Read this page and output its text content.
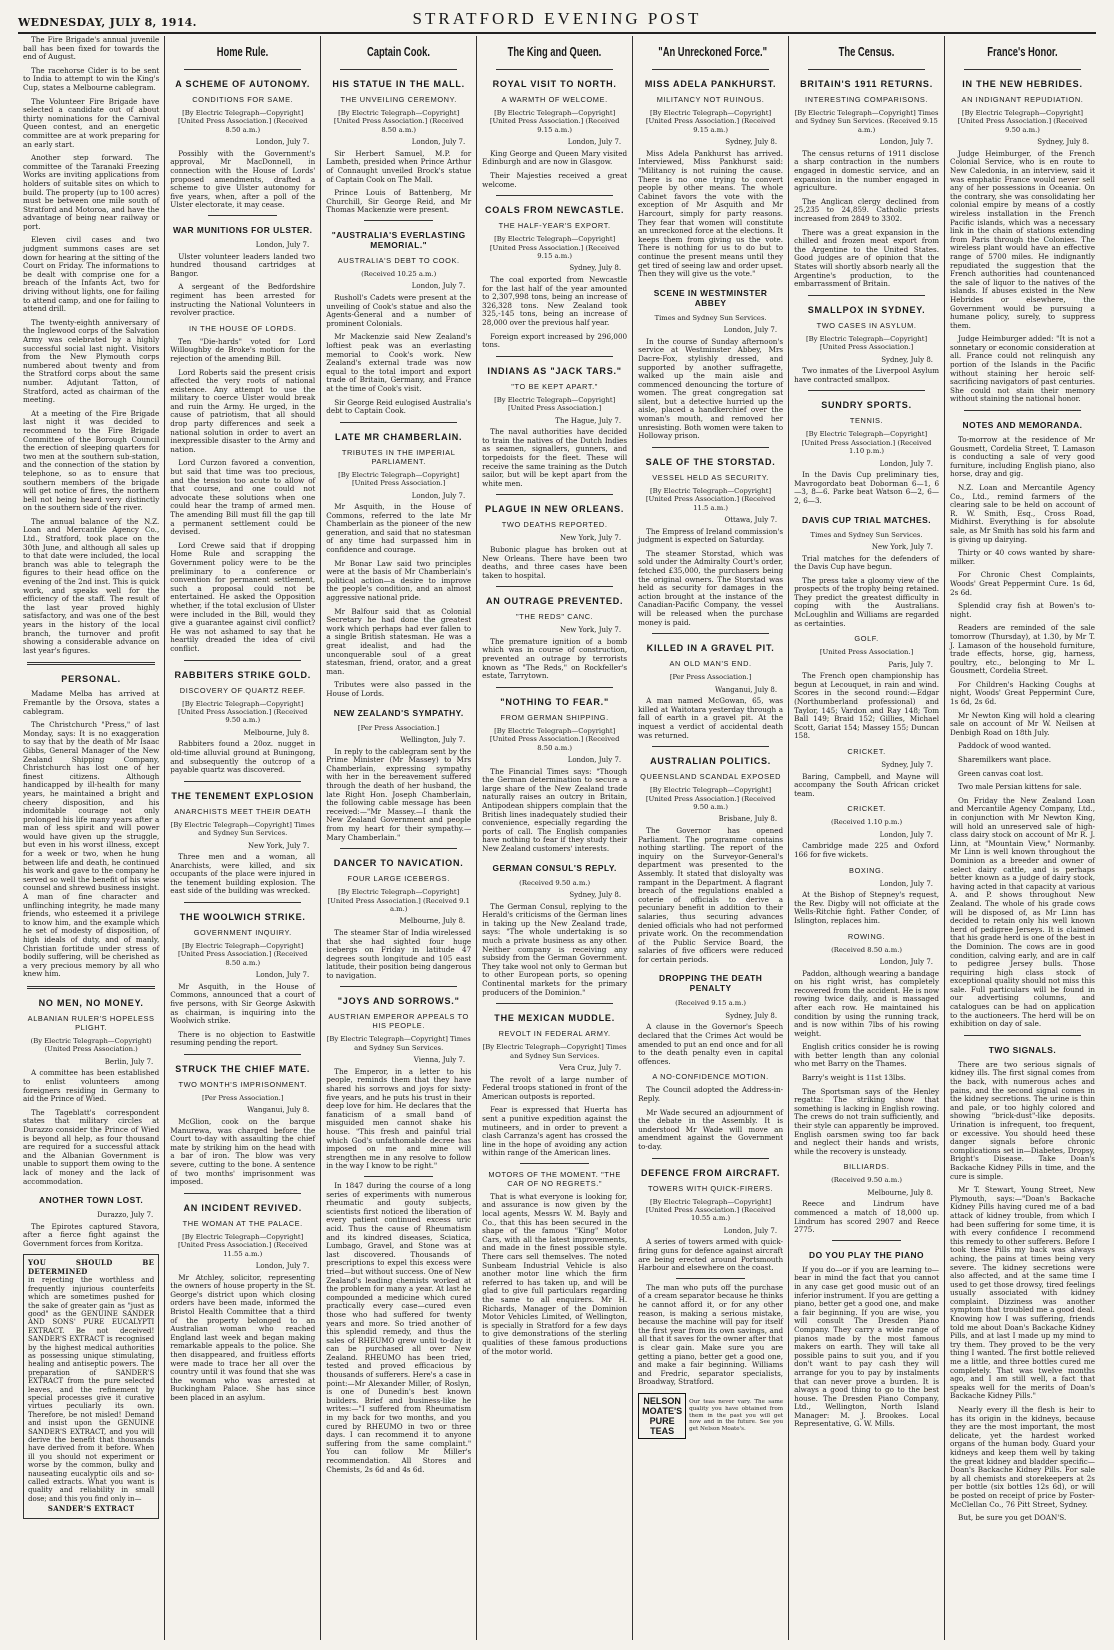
WEDNESDAY, JULY 8, 1914.	STRATFORD EVENING POST

The Fire Brigade's annual juvenile ball has been fixed for towards the end of August.

The racehorse Cider is to be sent to India to attempt to win the King's Cup, states a Melbourne cablegram.

The Volunteer Fire Brigade have selected a candidate out of about thirty nominations for the Carnival Queen contest, and an energetic committee are at work preparing for an early start.

Another step forward. The committee of the Taranaki Freezing Works are inviting applications from holders of suitable sites on which to build. The property (up to 100 acres) must be between one mile south of Stratford and Motoroa, and have the advantage of being near railway or port.

Eleven civil cases and two judgment summons cases are set down for hearing at the sitting of the Court on Friday. The informations to be dealt with comprise one for a breach of the Infants Act, two for driving without lights, one for failing to attend camp, and one for failing to attend drill.

The twenty-eighth anniversary of the Inglewood corps of the Salvation Army was celebrated by a highly successful social last night. Visitors from the New Plymouth corps numbered about twenty and from the Stratford corps about the same number. Adjutant Tatton, of Stratford, acted as chairman of the meeting.

At a meeting of the Fire Brigade last night it was decided to recommend to the Fire Brigade Committee of the Borough Council the erection of sleeping quarters for two men at the southern sub-station, and the connection of the station by telephone, so as to ensure that southern members of the brigade will get notice of fires, the northern bell not being heard very distinctly on the southern side of the river.

The annual balance of the N.Z. Loan and Mercantile Agency Co., Ltd., Stratford, took place on the 30th June, and although all sales up to that date were included, the local branch was able to telegraph the figures to their head office on the evening of the 2nd inst. This is quick work, and speaks well for the efficiency of the staff. The result of the last year proved highly satisfactory, and was one of the best years in the history of the local branch, the turnover and profit showing a considerable advance on last year's figures.

PERSONAL.

Madame Melba has arrived at Fremantle by the Orsova, states a cablegram.

The Christchurch "Press," of last Monday, says: It is no exaggeration to say that by the death of Mr Isaac Gibbs, General Manager of the New Zealand Shipping Company, Christchurch has lost one of her finest citizens. Although handicapped by ill-health for many years, he maintained a bright and cheery disposition, and his indomitable courage not only prolonged his life many years after a man of less spirit and will power would have given up the struggle, but even in his worst illness, except for a week or two, when he hung between life and death, he continued his work and gave to the company he served so well the benefit of his wise counsel and shrewd business insight. A man of fine character and unflinching integrity, he made many friends, who esteemed it a privilege to know him, and the example which he set of modesty of disposition, of high ideals of duty, and of manly, Christian fortitude under stress of bodily suffering, will be cherished as a very precious memory by all who knew him.

NO MEN, NO MONEY.
ALBANIAN RULER'S HOPELESS PLIGHT.
(By Electric Telegraph—Copyright) (United Press Association.)
Berlin, July 7.

A committee has been established to enlist volunteers among foreigners residing in Germany to aid the Prince of Wied.

The Tageblatt's correspondent states that military circles at Durazzo consider the Prince of Wied is beyond all help, as four thousand are required for a successful attack and the Albanian Government is unable to support them owing to the lack of money and the lack of accommodation.

ANOTHER TOWN LOST.
Durazzo, July 7.

The Epirotes captured Stavora, after a fierce fight against the Government forces from Koritza.

YOU SHOULD BE DETERMINED
in rejecting the worthless and frequently injurious counterfeits which are sometimes pushed for the sake of greater gain as "just as good" as the GENUINE SANDER AND SONS' PURE EUCALYPTI EXTRACT. Be not deceived! SANDER'S EXTRACT is recognised by the highest medical authorities as possessing unique stimulating, healing and antiseptic powers. The preparation of SANDER'S EXTRACT from the pure selected leaves, and the refinement by special processes give it curative virtues peculiarly its own. Therefore, be not misled! Demand and insist upon the GENUINE SANDER'S EXTRACT, and you will derive the benefit that thousands have derived from it before. When ill you should not experiment or worse by the common, bulky and nauseating eucalyptic oils and so-called extracts. What you want is quality and reliability in small dose; and this you find only in—
SANDER'S EXTRACT
Home Rule.
A SCHEME OF AUTONOMY.
CONDITIONS FOR SAME.
[By Electric Telegraph—Copyright] [United Press Association.] (Received 8.50 a.m.)
London, July 7.

Possibly with the Government's approval, Mr MacDonnell, in connection with the House of Lords' proposed amendments, drafted a scheme to give Ulster autonomy for five years, when, after a poll of the Ulster electorate, it may cease.

WAR MUNITIONS FOR ULSTER.
London, July 7.

Ulster volunteer leaders landed two hundred thousand cartridges at Bangor.

A sergeant of the Bedfordshire regiment has been arrested for instructing the National Volunteers in revolver practice.

IN THE HOUSE OF LORDS.

Ten "Die-hards" voted for Lord Willoughby de Broke's motion for the rejection of the amending Bill.

Lord Roberts said the present crisis affected the very roots of national existence. Any attempt to use the military to coerce Ulster would break and ruin the Army. He urged, in the cause of patriotism, that all should drop party differences and seek a national solution in order to avert an inexpressible disaster to the Army and nation.

Lord Curzon favored a convention, but said that time was too precious, and the tension too acute to allow of that course, and one could not advocate these solutions when one could hear the tramp of armed men. The amending Bill must fill the gap till a permanent settlement could be devised.

Lord Crewe said that if dropping Home Rule and scrapping the Government policy were to be the preliminary to a conference or convention for permanent settlement, such a proposal could not be entertained. He asked the Opposition whether, if the total exclusion of Ulster were included in the Bill, would they give a guarantee against civil conflict? He was not ashamed to say that he heartily dreaded the idea of civil conflict.

RABBITERS STRIKE GOLD.
DISCOVERY OF QUARTZ REEF.
[By Electric Telegraph—Copyright] [United Press Association.] (Received 9.50 a.m.)
Melbourne, July 8.

Rabbiters found a 20oz. nugget in old-time alluvial ground at Buningong, and subsequently the outcrop of a payable quartz was discovered.

THE TENEMENT EXPLOSION
ANARCHISTS MEET THEIR DEATH
[By Electric Telegraph—Copyright] Times and Sydney Sun Services.
New York, July 7.

Three men and a woman, all Anarchists, were killed, and six occupants of the place were injured in the tenement building explosion. The east side of the building was wrecked.

THE WOOLWICH STRIKE.
GOVERNMENT INQUIRY.
[By Electric Telegraph—Copyright] [United Press Association.] (Received 8.50 a.m.)
London, July 7.

Mr Asquith, in the House of Commons, announced that a court of five persons, with Sir George Askwith as chairman, is inquiring into the Woolwich strike.

There is no objection to Eastwitle resuming pending the report.

STRUCK THE CHIEF MATE.
TWO MONTH'S IMPRISONMENT.
[Per Press Association.]
Wanganui, July 8.

McGlion, cook on the barque Manurewa, was charged before the Court to-day with assaulting the chief mate by striking him on the head with a bar of iron. The blow was very severe, cutting to the bone. A sentence of two months' imprisonment was imposed.

AN INCIDENT REVIVED.
THE WOMAN AT THE PALACE.
[By Electric Telegraph—Copyright] [United Press Association.] (Received 11.55 a.m.)
London, July 7.

Mr Atchley, solicitor, representing the owners of house property in the St. George's district upon which closing orders have been made, informed the Bristol Health Committee that a third of the property belonged to an Australian woman who reached England last week and began making remarkable appeals to the police. She then disappeared, and fruitless efforts were made to trace her all over the country until it was found that she was the woman who was arrested at Buckingham Palace. She has since been placed in an asylum.

Captain Cook.
HIS STATUE IN THE MALL.
THE UNVEILING CEREMONY.
[By Electric Telegraph—Copyright] [United Press Association.] (Received 8.50 a.m.)
London, July 7.

Sir Herbert Samuel, M.P. for Lambeth, presided when Prince Arthur of Connaught unveiled Brock's statue of Captain Cook on The Mall.

Prince Louis of Battenberg, Mr Churchill, Sir George Reid, and Mr Thomas Mackenzie were present.

"AUSTRALIA'S EVERLASTING MEMORIAL."
AUSTRALIA'S DEBT TO COOK.
(Received 10.25 a.m.)
London, July 7.

Rusholl's Cadets were present at the unveiling of Cook's statue and also the Agents-General and a number of prominent Colonials.

Mr Mackenzie said New Zealand's loftiest peak was an everlasting memorial to Cook's work. New Zealand's external trade was now equal to the total import and export trade of Britain, Germany, and France at the time of Cook's visit.

Sir George Reid eulogised Australia's debt to Captain Cook.

LATE MR CHAMBERLAIN.
TRIBUTES IN THE IMPERIAL PARLIAMENT.
[By Electric Telegraph—Copyright] [United Press Association.]
London, July 7.

Mr Asquith, in the House of Commons, referred to the late Mr Chamberlain as the pioneer of the new generation, and said that no statesman of any time had surpassed him in confidence and courage.

Mr Bonar Law said two principles were at the basis of Mr Chamberlain's political action—a desire to improve the people's condition, and an almost aggressive national pride.

Mr Balfour said that as Colonial Secretary he had done the greatest work which perhaps had ever fallen to a single British statesman. He was a great idealist, and had the unconquerable soul of a great statesman, friend, orator, and a great man.

Tributes were also passed in the House of Lords.

NEW ZEALAND'S SYMPATHY.
[Per Press Association.]
Wellington, July 7.

In reply to the cablegram sent by the Prime Minister (Mr Massey) to Mrs Chamberlain, expressing sympathy with her in the bereavement suffered through the death of her husband, the late Right Hon. Joseph Chamberlain, the following cable message has been received:—"Mr Massey.—I thank the New Zealand Government and people from my heart for their sympathy.—Mary Chamberlain."

DANCER TO NAVICATION.
FOUR LARGE ICEBERGS.
[By Electric Telegraph—Copyright] [United Press Association.] (Received 9.1 a.m.)
Melbourne, July 8.

The steamer Star of India wirelessed that she had sighted four huge icebergs on Friday in latitude 47 degrees south longitude and 105 east latitude, their position being dangerous to navigation.

"JOYS AND SORROWS."
AUSTRIAN EMPEROR APPEALS TO HIS PEOPLE.
[By Electric Telegraph—Copyright] Times and Sydney Sun Services.
Vienna, July 7.

The Emperor, in a letter to his people, reminds them that they have shared his sorrows and joys for sixty-five years, and he puts his trust in their deep love for him. He declares that the fanaticism of a small band of misguided men cannot shake his house. "This fresh and painful trial which God's unfathomable decree has imposed on me and mine will strengthen me in any resolve to follow in the way I know to be right."

In 1847 during the course of a long series of experiments with numerous rheumatic and gouty subjects, scientists first noticed the liberation of every patient continued excess uric acid. Thus the cause of Rheumatism and its kindred diseases, Sciatica, Lumbago, Gravel, and Stone was at last discovered. Thousands of prescriptions to expel this excess were tried—but without success. One of New Zealand's leading chemists worked at the problem for many a year. At last he compounded a medicine which cured practically every case—cured even those who had suffered for twenty years and more. So tried another of this splendid remedy, and thus the sales of RHEUMO grew until to-day it can be purchased all over New Zealand. RHEUMO has been tried, tested and proved efficacious by thousands of sufferers. Here's a case in point:—Mr Alexander Miller, of Roslyn, is one of Dunedin's best known builders. Brief and business-like he writes:—"I suffered from Rheumatism in my back for two months, and you cured by RHEUMO in two or three days. I can recommend it to anyone suffering from the same complaint." You can follow Mr Miller's recommendation. All Stores and Chemists, 2s 6d and 4s 6d.

The King and Queen.
ROYAL VISIT TO NORTH.
A WARMTH OF WELCOME.
[By Electric Telegraph—Copyright] [United Press Association.] (Received 9.15 a.m.)
London, July 7.

King George and Queen Mary visited Edinburgh and are now in Glasgow.

Their Majesties received a great welcome.

COALS FROM NEWCASTLE.
THE HALF-YEAR'S EXPORT.
[By Electric Telegraph—Copyright] [United Press Association.] (Received 9.15 a.m.)
Sydney, July 8.

The coal exported from Newcastle for the last half of the year amounted to 2,307,998 tons, being an increase of 326,328 tons. New Zealand took 325,-145 tons, being an increase of 28,000 over the previous half year.

Foreign export increased by 296,000 tons.

INDIANS AS "JACK TARS."
"TO BE KEPT APART."
[By Electric Telegraph—Copyright] [United Press Association.]
The Hague, July 7.

The naval authorities have decided to train the natives of the Dutch Indies as seamen, signallers, gunners, and torpedoists for the fleet. These will receive the same training as the Dutch sailor, but will be kept apart from the white men.

PLAGUE IN NEW ORLEANS.
TWO DEATHS REPORTED.
New York, July 7.

Bubonic plague has broken out at New Orleans. There have been two deaths, and three cases have been taken to hospital.

AN OUTRAGE PREVENTED.
"THE REDS" CANC.
New York, July 7.

The premature ignition of a bomb which was in course of construction, prevented an outrage by terrorists known as "The Reds," on Rockfeller's estate, Tarrytown.

"NOTHING TO FEAR."
FROM GERMAN SHIPPING.
[By Electric Telegraph—Copyright] [United Press Association.] (Received 8.50 a.m.)
London, July 7.

The Financial Times says: "Though the German determination to secure a large share of the New Zealand trade naturally raises an outcry in Britain, Antipodean shippers complain that the British lines inadequately studied their convenience, especially regarding the ports of call. The English companies have nothing to fear if they study their New Zealand customers' interests.

GERMAN CONSUL'S REPLY.
(Received 9.50 a.m.)
Sydney, July 8.

The German Consul, replying to the Herald's criticisms of the German lines in taking up the New Zealand trade, says: "The whole undertaking is so much a private business as any other. Neither company is receiving any subsidy from the German Government. They take wool not only to German but to other European ports, so opening Continental markets for the primary producers of the Dominion."

THE MEXICAN MUDDLE.
REVOLT IN FEDERAL ARMY.
[By Electric Telegraph—Copyright] Times and Sydney Sun Services.
Vera Cruz, July 7.

The revolt of a large number of Federal troops stationed in front of the American outposts is reported.

Fear is expressed that Huerta has sent a punitive expedition against the mutineers, and in order to prevent a clash Carranza's agent has crossed the line in the hope of avoiding any action within range of the American lines.

MOTORS OF THE MOMENT. "THE CAR OF NO REGRETS."

That is what everyone is looking for, and assurance is now given by the local agents, Messrs W. M. Bayly and Co., that this has been secured in the shape of the famous "King" Motor Cars, with all the latest improvements, and made in the finest possible style. There cars sell themselves. The noted Sunbeam Industrial Vehicle is also another motor line which the firm referred to has taken up, and will be glad to give full particulars regarding the same to all enquirers. Mr H. Richards, Manager of the Dominion Motor Vehicles Limited, of Wellington, is specially in Stratford for a few days to give demonstrations of the sterling qualities of these famous productions of the motor world.

"An Unreckoned Force."
MISS ADELA PANKHURST.
MILITANCY NOT RUINOUS.
[By Electric Telegraph—Copyright] [United Press Association.] (Received 9.15 a.m.)
Sydney, July 8.

Miss Adela Pankhurst has arrived. Interviewed, Miss Pankhurst said: "Militancy is not ruining the cause. There is no one trying to convert people by other means. The whole Cabinet favors the vote with the exception of Mr Asquith and Mr Harcourt, simply for party reasons. They fear that women will constitute an unreckoned force at the elections. It keeps them from giving us the vote. There is nothing for us to do but to continue the present means until they get tired of seeing law and order upset. Then they will give us the vote."

SCENE IN WESTMINSTER ABBEY
Times and Sydney Sun Services.
London, July 7.

In the course of Sunday afternoon's service at Westminster Abbey, Mrs Dacre-Fox, stylishly dressed, and supported by another suffragette, walked up the main aisle and commenced denouncing the torture of women. The great congregation sat silent, but a detective hurried up the aisle, placed a handkerchief over the woman's mouth, and removed her unresisting. Both women were taken to Holloway prison.

SALE OF THE STORSTAD.
VESSEL HELD AS SECURITY.
[By Electric Telegraph—Copyright] [United Press Association.] (Received 11.5 a.m.)
Ottawa, July 7.

The Empress of Ireland commission's judgment is expected on Saturday.

The steamer Storstad, which was sold under the Admiralty Court's order, fetched £35,000, the purchasers being the original owners. The Storstad was held as security for damages in the action brought at the instance of the Canadian-Pacific Company, the vessel will be released when the purchase money is paid.

KILLED IN A GRAVEL PIT.
AN OLD MAN'S END.
[Per Press Association.]
Wanganui, July 8.

A man named McGowan, 65, was killed at Waitotara yesterday through a fall of earth in a gravel pit. At the inquest a verdict of accidental death was returned.

AUSTRALIAN POLITICS.
QUEENSLAND SCANDAL EXPOSED
[By Electric Telegraph—Copyright] [United Press Association.] (Received 9.50 a.m.)
Brisbane, July 8.

The Governor has opened Parliament. The programme contains nothing startling. The report of the inquiry on the Surveyor-General's department was presented to the Assembly. It stated that disloyalty was rampant in the Department. A flagrant breach of the regulations enabled a coterie of officials to derive a pecuniary benefit in addition to their salaries, thus securing advances denied officials who had not performed private work. On the recommendation of the Public Service Board, the salaries of five officers were reduced for certain periods.

DROPPING THE DEATH PENALTY
(Received 9.15 a.m.)
Sydney, July 8.

A clause in the Governor's Speech declared that the Crimes Act would be amended to put an end once and for all to the death penalty even in capital offences.

A NO-CONFIDENCE MOTION.

The Council adopted the Address-in-Reply.

Mr Wade secured an adjournment of the debate in the Assembly. It is understood Mr Wade will move an amendment against the Government to-day.

DEFENCE FROM AIRCRAFT.
TOWERS WITH QUICK-FIRERS.
[By Electric Telegraph—Copyright] [United Press Association.] (Received 10.55 a.m.)
London, July 7.

A series of towers armed with quick-firing guns for defence against aircraft are being erected around Portsmouth Harbour and elsewhere on the coast.

The man who puts off the purchase of a cream separator because he thinks he cannot afford it, or for any other reason, is making a serious mistake, because the machine will pay for itself the first year from its own savings, and all that it saves for the owner after that is clear gain. Make sure you are getting a piano, better get a good one, and make a fair beginning. Williams and Fredric, separator specialists, Broadway, Stratford.

NELSON MOATE'S PURE TEAS
Our teas never vary. The same quality you have obtained from them in the past you will get now and in the future. See you get Nelson Moate's.
The Census.
BRITAIN'S 1911 RETURNS.
INTERESTING COMPARISONS.
[By Electric Telegraph—Copyright] Times and Sydney Sun Services. (Received 9.15 a.m.)
London, July 7.

The census returns of 1911 disclose a sharp contraction in the numbers engaged in domestic service, and an expansion in the number engaged in agriculture.

The Anglican clergy declined from 25,235 to 24,859. Catholic priests increased from 2849 to 3302.

There was a great expansion in the chilled and frozen meat export from the Argentine to the United States. Good judges are of opinion that the States will shortly absorb nearly all the Argentine's production, to the embarrassment of Britain.

SMALLPOX IN SYDNEY.
TWO CASES IN ASYLUM.
[By Electric Telegraph—Copyright] [United Press Association.]
Sydney, July 8.

Two inmates of the Liverpool Asylum have contracted smallpox.

SUNDRY SPORTS.
TENNIS.
[By Electric Telegraph—Copyright] [United Press Association.] (Received 1.10 p.m.)
London, July 7.

In the Davis Cup preliminary ties, Mavrogordato beat Doborman 6—1, 6—3, 8—6. Parke beat Watson 6—2, 6—2, 6—3.

DAVIS CUP TRIAL MATCHES.
Times and Sydney Sun Services.
New York, July 7.

Trial matches for the defenders of the Davis Cup have begun.

The press take a gloomy view of the prospects of the trophy being retained. They predict the greatest difficulty in coping with the Australians. McLoughlin and Williams are regarded as certainties.

GOLF.
[United Press Association.]
Paris, July 7.

The French open championship has begun at Lecouquet, in rain and wind. Scores in the second round:—Edgar (Northumberland professional) and Taylor, 145; Vardon and Ray 148; Tom Ball 149; Braid 152; Gillies, Michael Scott, Gariat 154; Massey 155; Duncan 158.

CRICKET.
Sydney, July 7.

Baring, Campbell, and Mayne will accompany the South African cricket team.

CRICKET.
(Received 1.10 p.m.)
London, July 7.

Cambridge made 225 and Oxford 166 for five wickets.

BOXING.
London, July 7.

At the Bishop of Stepney's request, the Rev. Digby will not officiate at the Wells-Ritchie fight. Father Conder, of Islington, replaces him.

ROWING.
(Received 8.50 a.m.)
London, July 7.

Paddon, although wearing a bandage on his right wrist, has completely recovered from the accident. He is now rowing twice daily, and is massaged after each row. He maintained his condition by using the running track, and is now within 7lbs of his rowing weight.

English critics consider he is rowing with better length than any colonial who met Barry on the Thames.

Barry's weight is 11st 13lbs.

The Sportsman says of the Henley regatta: The striking show that something is lacking in English rowing. The crews do not train sufficiently, and their style can apparently be improved. English oarsmen swing too far back and neglect their hands and wrists, while the recovery is unsteady.

BILLIARDS.
(Received 9.50 a.m.)
Melbourne, July 8.

Reece and Lindrum have commenced a match of 18,000 up. Lindrum has scored 2907 and Reece 2775.

DO YOU PLAY THE PIANO

If you do—or if you are learning to—bear in mind the fact that you cannot in any case get good music out of an inferior instrument. If you are getting a piano, better get a good one, and make a fair beginning. If you are wise, you will consult The Dresden Piano Company. They carry a wide range of pianos made by the most famous makers on earth. They will take all possible pains to suit you, and if you don't want to pay cash they will arrange for you to pay by instalments that can never prove a burden. It is always a good thing to go to the best house. The Dresden Piano Company, Ltd., Wellington, North Island Manager: M. J. Brookes. Local Representative, G. W. Mills.

France's Honor.
IN THE NEW HEBRIDES.
AN INDIGNANT REPUDIATION.
[By Electric Telegraph—Copyright] [United Press Association.] (Received 9.50 a.m.)
Sydney, July 8.

Judge Heimburger, of the French Colonial Service, who is en route to New Caledonia, in an interview, said it was emphatic France would never sell any of her possessions in Oceania. On the contrary, she was consolidating her colonial empire by means of a costly wireless installation in the French Pacific islands, which was a necessary link in the chain of stations extending from Paris through the Colonies. The wireless plant would have an effective range of 5700 miles. He indignantly repudiated the suggestion that the French authorities had countenanced the sale of liquor to the natives of the islands. If abuses existed in the New Hebrides or elsewhere, the Government would be pursuing a humane policy, surely, to suppress them.

Judge Heimburger added: "It is not a sonnetary or economic consideration at all. France could not relinquish any portion of the Islands in the Pacific without staining her heroic self-sacrificing navigators of past centuries. She could not stain their memory without staining the national honor.

NOTES AND MEMORANDA.

To-morrow at the residence of Mr Gousmett, Cordelia Street, T. Lamason is conducting a sale of very good furniture, including English piano, also horse, dray and gig.

N.Z. Loan and Mercantile Agency Co., Ltd., remind farmers of the clearing sale to be held on account of R. W. Smith, Esq., Cross Road, Midhirst. Everything is for absolute sale, as Mr Smith has sold his farm and is giving up dairying.

Thirty or 40 cows wanted by share-milker.

For Chronic Chest Complaints, Woods' Great Peppermint Cure. 1s 6d, 2s 6d.

Splendid cray fish at Bowen's to-night.

Readers are reminded of the sale tomorrow (Thursday), at 1.30, by Mr T. J. Lamason of the household furniture, trade effects, horse, gig, harness, poultry, etc., belonging to Mr L. Gousmett, Cordelia Street.

For Children's Hacking Coughs at night, Woods' Great Peppermint Cure, 1s 6d, 2s 6d.

Mr Newton King will hold a clearing sale on account of Mr W. Neilsen at Denbigh Road on 18th July.

Paddock of wood wanted.

Sharemilkers want place.

Green canvas coat lost.

Two male Persian kittens for sale.

On Friday the New Zealand Loan and Mercantile Agency Company, Ltd., in conjunction with Mr Newton King, will hold an unreserved sale of high-class dairy stock on account of Mr R. J. Linn, at "Mountain View," Normanby. Mr Linn is well known throughout the Dominion as a breeder and owner of select dairy cattle, and is perhaps better known as a judge of dairy stock, having acted in that capacity at various A. and P. shows throughout New Zealand. The whole of his grade cows will be disposed of, as Mr Linn has decided to retain only his well known herd of pedigree Jerseys. It is claimed that his grade herd is one of the best in the Dominion. The cows are in good condition, calving early, and are in calf to pedigree Jersey bulls. Those requiring high class stock of exceptional quality should not miss this sale. Full particulars will be found in our advertising columns, and catalogues can be had on application to the auctioneers. The herd will be on exhibition on day of sale.

TWO SIGNALS.

There are two serious signals of kidney ills. The first signal comes from the back, with numerous aches and pains, and the second signal comes in the kidney secretions. The urine is thin and pale, or too highly colored and showing "brick-dust"-like deposits. Urination is infrequent, too frequent, or excessive. You should heed these danger signals before chronic complications set in—Diabetes, Dropsy, Bright's Disease. Take Doan's Backache Kidney Pills in time, and the cure is simple.

Mr T. Stewart, Young Street, New Plymouth, says:—"Doan's Backache Kidney Pills having cured me of a bad attack of kidney trouble, from which I had been suffering for some time, it is with every confidence I recommend this remedy to other sufferers. Before I took these Pills my back was always aching, the pains at times being very severe. The kidney secretions were also affected, and at the same time I used to get those drowsy, tired feelings usually associated with kidney complaint. Dizziness was another symptom that troubled me a good deal. Knowing how I was suffering, friends told me about Doan's Backache Kidney Pills, and at last I made up my mind to try them. They proved to be the very thing I wanted. The first bottle relieved me a little, and three bottles cured me completely. That was twelve months ago, and I am still well, a fact that speaks well for the merits of Doan's Backache Kidney Pills."

Nearly every ill the flesh is heir to has its origin in the kidneys, because they are the most important, the most delicate, yet the hardest worked organs of the human body. Guard your kidneys and keep them well by taking the great kidney and bladder specific—Doan's Backache Kidney Pills. For sale by all chemists and storekeepers at 2s per bottle (six bottles 12s 6d), or will be posted on receipt of price by Foster-McClellan Co., 76 Pitt Street, Sydney.

But, be sure you get DOAN'S.
